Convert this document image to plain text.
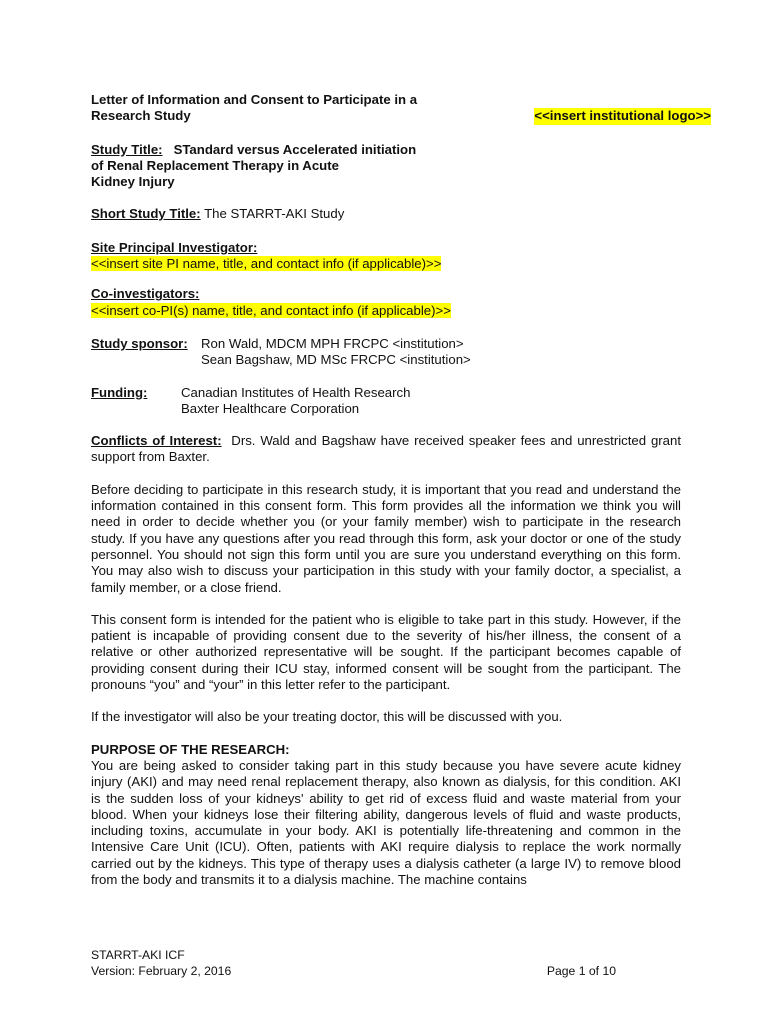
Letter of Information and Consent to Participate in a
Research Study	<<insert institutional logo>>
Study Title: STandard versus Accelerated initiation
of Renal Replacement Therapy in Acute
Kidney Injury
Short Study Title: The STARRT-AKI Study
Site Principal Investigator:
<<insert site PI name, title, and contact info (if applicable)>>
Co-investigators:
<<insert co-PI(s) name, title, and contact info (if applicable)>>
Study sponsor:	Ron Wald, MDCM MPH FRCPC <institution>
Sean Bagshaw, MD MSc FRCPC <institution>
Funding:	Canadian Institutes of Health Research
Baxter Healthcare Corporation
Conflicts of Interest: Drs. Wald and Bagshaw have received speaker fees and unrestricted grant support from Baxter.

Before deciding to participate in this research study, it is important that you read and understand the information contained in this consent form. This form provides all the information we think you will need in order to decide whether you (or your family member) wish to participate in the research study. If you have any questions after you read through this form, ask your doctor or one of the study personnel. You should not sign this form until you are sure you understand everything on this form. You may also wish to discuss your participation in this study with your family doctor, a specialist, a family member, or a close friend.

This consent form is intended for the patient who is eligible to take part in this study. However, if the patient is incapable of providing consent due to the severity of his/her illness, the consent of a relative or other authorized representative will be sought. If the participant becomes capable of providing consent during their ICU stay, informed consent will be sought from the participant. The pronouns “you” and “your” in this letter refer to the participant.

If the investigator will also be your treating doctor, this will be discussed with you.

PURPOSE OF THE RESEARCH:
You are being asked to consider taking part in this study because you have severe acute kidney injury (AKI) and may need renal replacement therapy, also known as dialysis, for this condition. AKI is the sudden loss of your kidneys' ability to get rid of excess fluid and waste material from your blood. When your kidneys lose their filtering ability, dangerous levels of fluid and waste products, including toxins, accumulate in your body. AKI is potentially life-threatening and common in the Intensive Care Unit (ICU). Often, patients with AKI require dialysis to replace the work normally carried out by the kidneys. This type of therapy uses a dialysis catheter (a large IV) to remove blood from the body and transmits it to a dialysis machine. The machine contains
STARRT-AKI ICF
Version: February 2, 2016	Page 1 of 10
